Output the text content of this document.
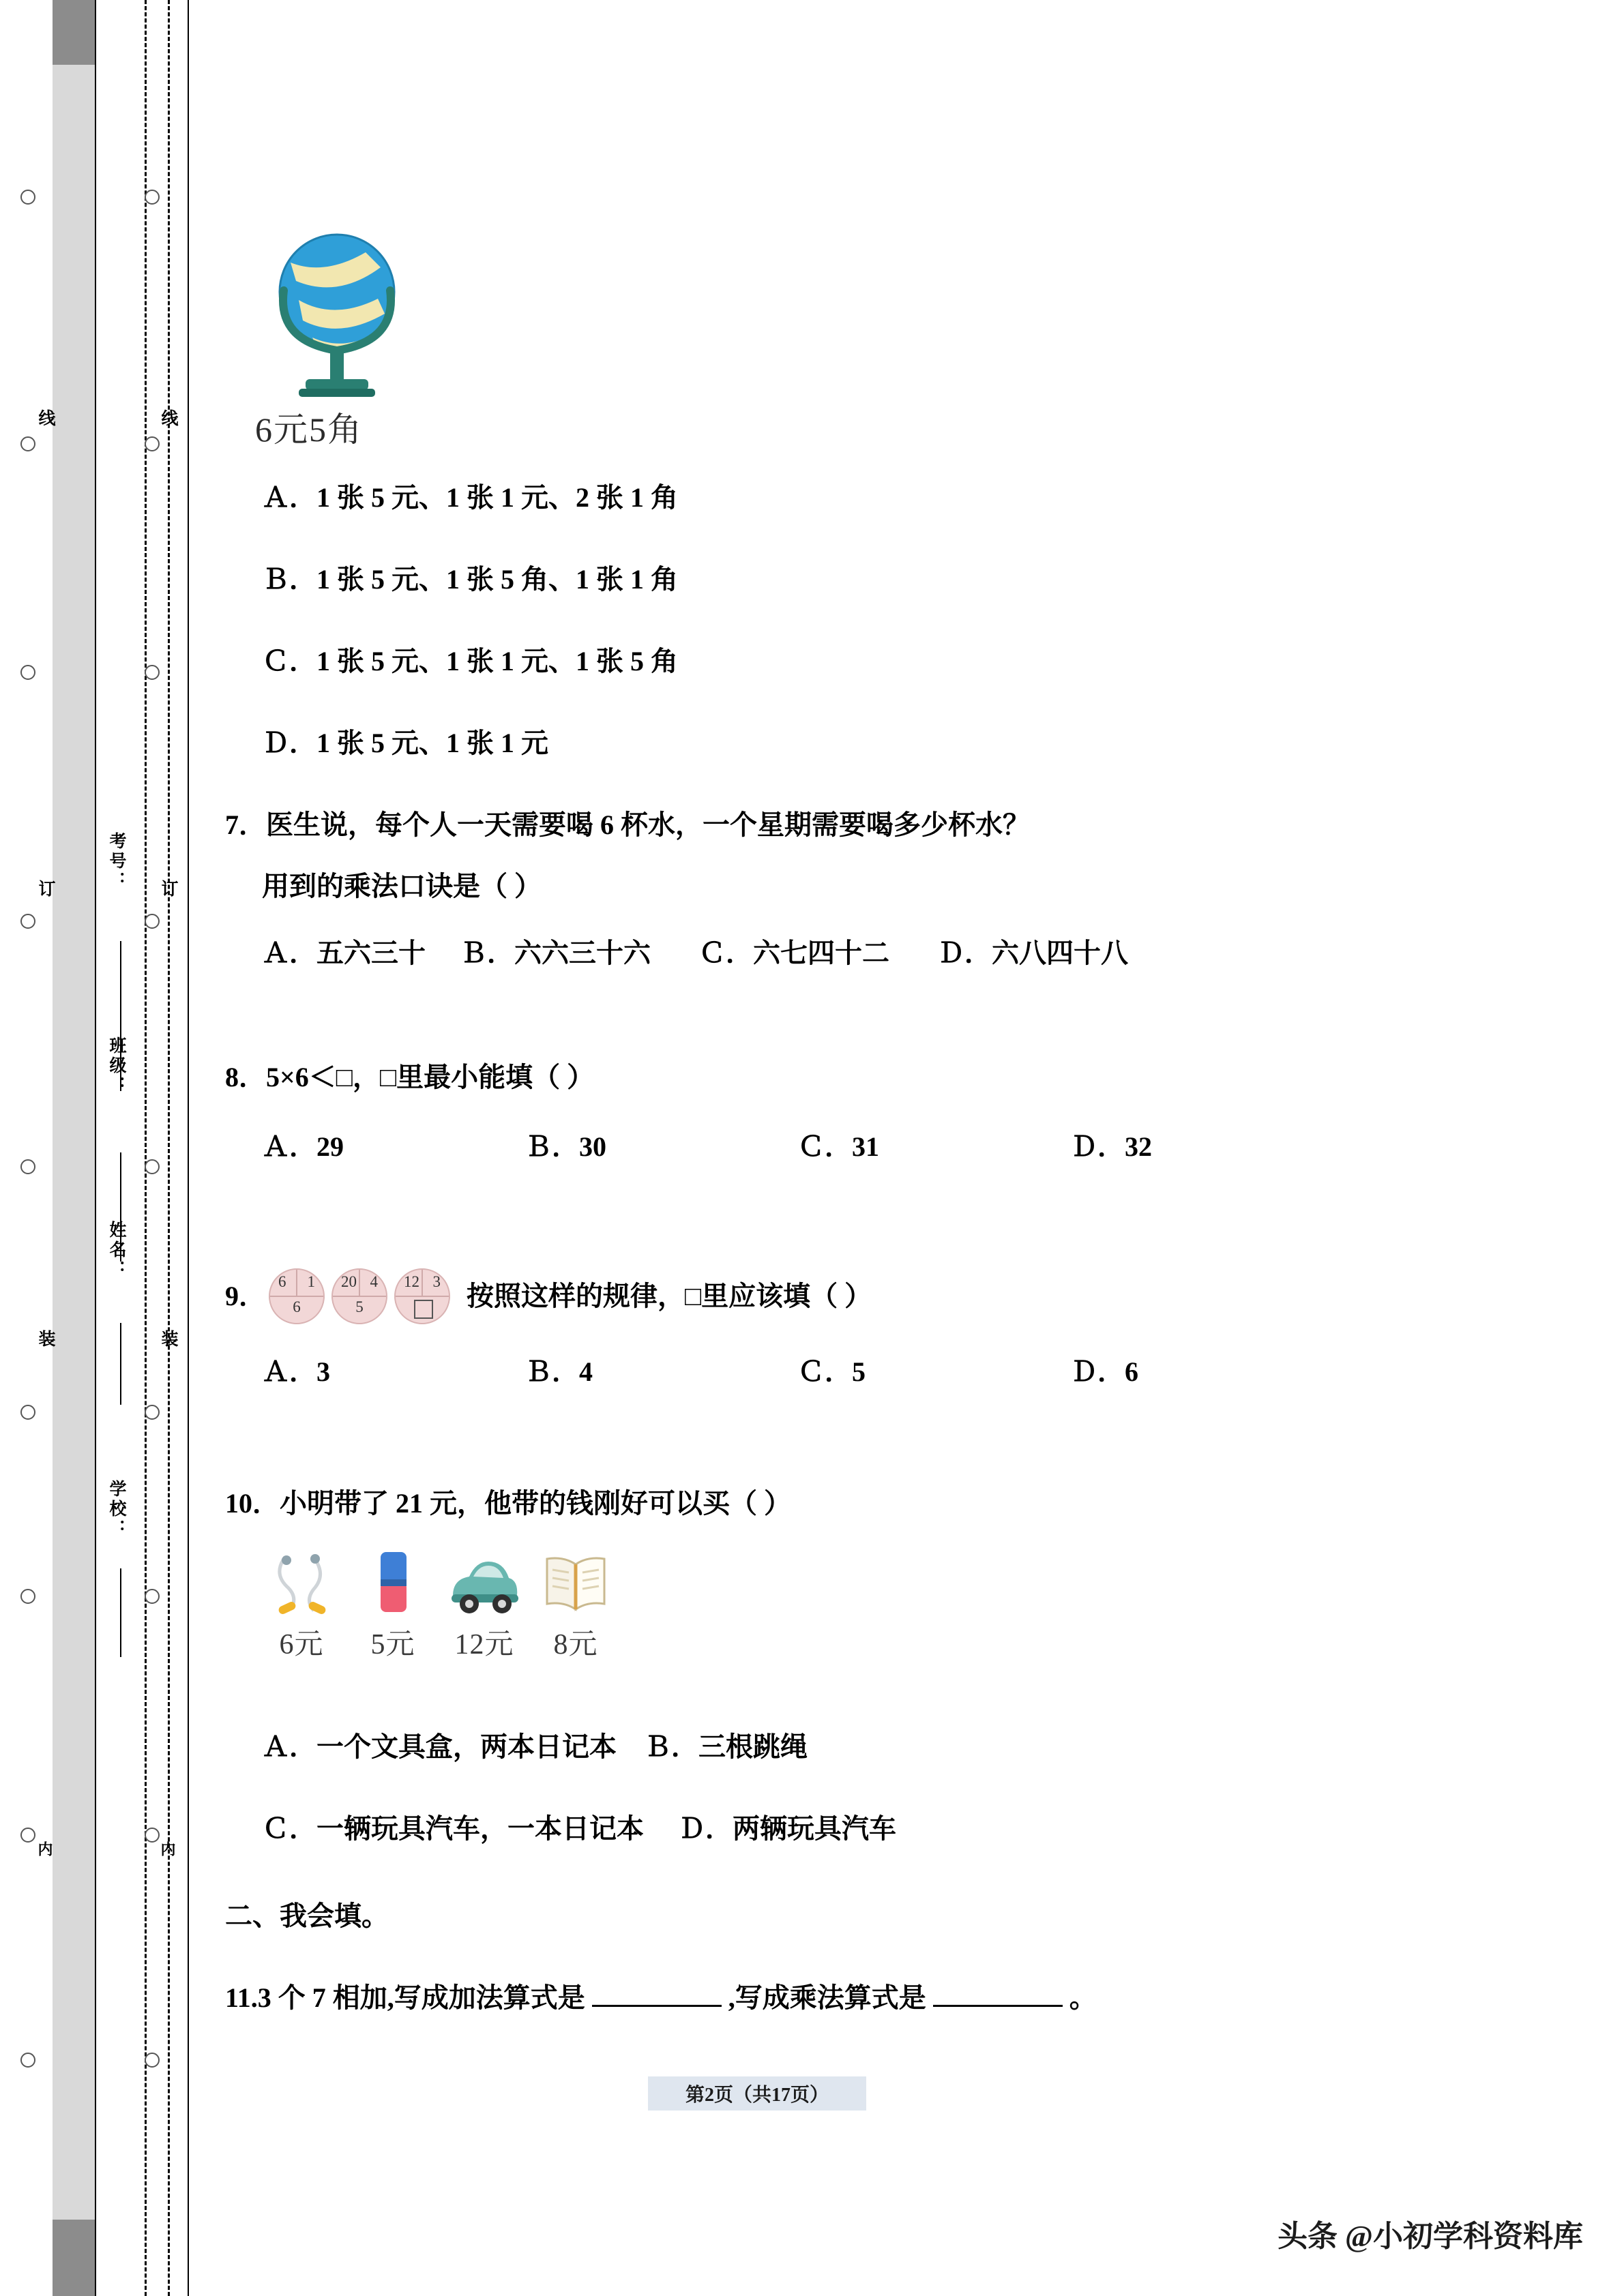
线	线
订	订
装	装
内	内
考号：
班级：
姓名：
学校：
6元5角
Ａ．1 张 5 元、1 张 1 元、2 张 1 角
Ｂ．1 张 5 元、1 张 5 角、1 张 1 角
Ｃ．1 张 5 元、1 张 1 元、1 张 5 角
Ｄ．1 张 5 元、1 张 1 元
7．医生说，每个人一天需要喝 6 杯水，一个星期需要喝多少杯水？
用到的乘法口诀是（ ）
Ａ．五六三十	Ｂ．六六三十六	Ｃ．六七四十二	Ｄ．六八四十八
8．5×6＜□，□里最小能填（ ）
Ａ．29	Ｂ．30	Ｃ．31	Ｄ．32
9． 6 1
6
20 4
5
12 3 按照这样的规律，□里应该填（ ）
Ａ．3	Ｂ．4	Ｃ．5	Ｄ．6
10．小明带了 21 元，他带的钱刚好可以买（ ）
6元	5元	12元	8元
Ａ．一个文具盒，两本日记本　Ｂ．三根跳绳
Ｃ．一辆玩具汽车，一本日记本　 Ｄ．两辆玩具汽车
二、我会填。
11.3 个 7 相加,写成加法算式是	,写成乘法算式是	。
第2页（共17页）
头条 @小初学科资料库
